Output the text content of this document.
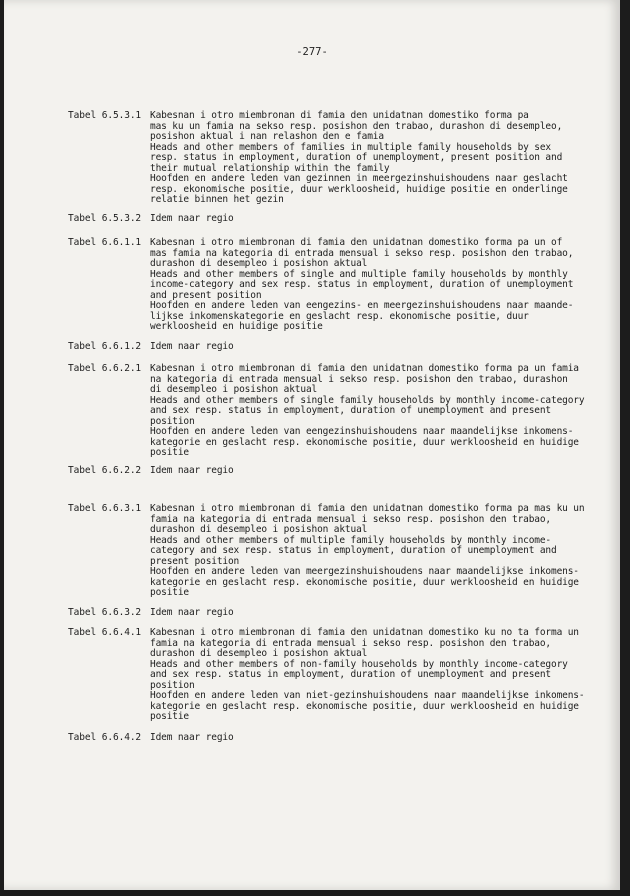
-277-
Tabel 6.5.3.1 Kabesnan i otro miembronan di famia den unidatnan domestiko forma pa
mas ku un famia na sekso resp. posishon den trabao, durashon di desempleo,
posishon aktual i nan relashon den e famia
Heads and other members of families in multiple family households by sex
resp. status in employment, duration of unemployment, present position and
their mutual relationship within the family
Hoofden en andere leden van gezinnen in meergezinshuishoudens naar geslacht
resp. ekonomische positie, duur werkloosheid, huidige positie en onderlinge
relatie binnen het gezin
Tabel 6.5.3.2 Idem naar regio
Tabel 6.6.1.1 Kabesnan i otro miembronan di famia den unidatnan domestiko forma pa un of
mas famia na kategoria di entrada mensual i sekso resp. posishon den trabao,
durashon di desempleo i posishon aktual
Heads and other members of single and multiple family households by monthly
income-category and sex resp. status in employment, duration of unemployment
and present position
Hoofden en andere leden van eengezins- en meergezinshuishoudens naar maande-
lijkse inkomenskategorie en geslacht resp. ekonomische positie, duur
werkloosheid en huidige positie
Tabel 6.6.1.2 Idem naar regio
Tabel 6.6.2.1 Kabesnan i otro miembronan di famia den unidatnan domestiko forma pa un famia
na kategoria di entrada mensual i sekso resp. posishon den trabao, durashon
di desempleo i posishon aktual
Heads and other members of single family households by monthly income-category
and sex resp. status in employment, duration of unemployment and present
position
Hoofden en andere leden van eengezinshuishoudens naar maandelijkse inkomens-
kategorie en geslacht resp. ekonomische positie, duur werkloosheid en huidige
positie
Tabel 6.6.2.2 Idem naar regio
Tabel 6.6.3.1 Kabesnan i otro miembronan di famia den unidatnan domestiko forma pa mas ku un
famia na kategoria di entrada mensual i sekso resp. posishon den trabao,
durashon di desempleo i posishon aktual
Heads and other members of multiple family households by monthly income-
category and sex resp. status in employment, duration of unemployment and
present position
Hoofden en andere leden van meergezinshuishoudens naar maandelijkse inkomens-
kategorie en geslacht resp. ekonomische positie, duur werkloosheid en huidige
positie
Tabel 6.6.3.2 Idem naar regio
Tabel 6.6.4.1 Kabesnan i otro miembronan di famia den unidatnan domestiko ku no ta forma un
famia na kategoria di entrada mensual i sekso resp. posishon den trabao,
durashon di desempleo i posishon aktual
Heads and other members of non-family households by monthly income-category
and sex resp. status in employment, duration of unemployment and present
position
Hoofden en andere leden van niet-gezinshuishoudens naar maandelijkse inkomens-
kategorie en geslacht resp. ekonomische positie, duur werkloosheid en huidige
positie
Tabel 6.6.4.2 Idem naar regio
